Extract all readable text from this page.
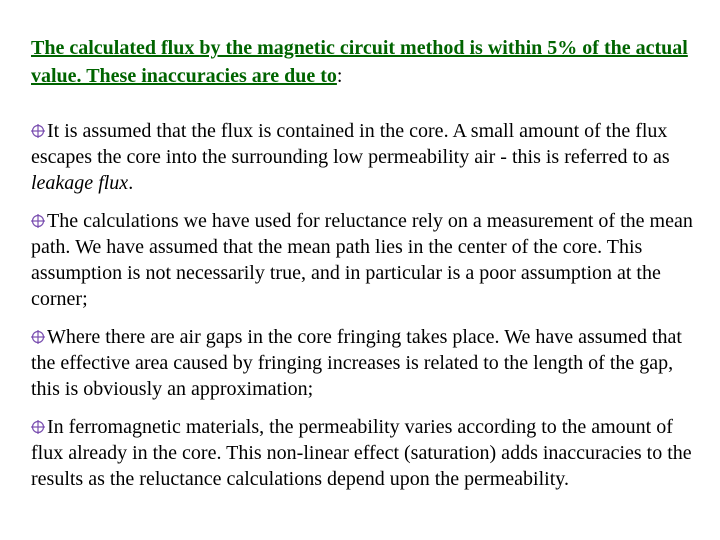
The calculated flux by the magnetic circuit method is within 5% of the actual value. These inaccuracies are due to:

It is assumed that the flux is contained in the core. A small amount of the flux escapes the core into the surrounding low permeability air - this is referred to as leakage flux.
The calculations we have used for reluctance rely on a measurement of the mean path. We have assumed that the mean path lies in the center of the core. This assumption is not necessarily true, and in particular is a poor assumption at the corner;
Where there are air gaps in the core fringing takes place. We have assumed that the effective area caused by fringing increases is related to the length of the gap, this is obviously an approximation;
In ferromagnetic materials, the permeability varies according to the amount of flux already in the core. This non-linear effect (saturation) adds inaccuracies to the results as the reluctance calculations depend upon the permeability.
